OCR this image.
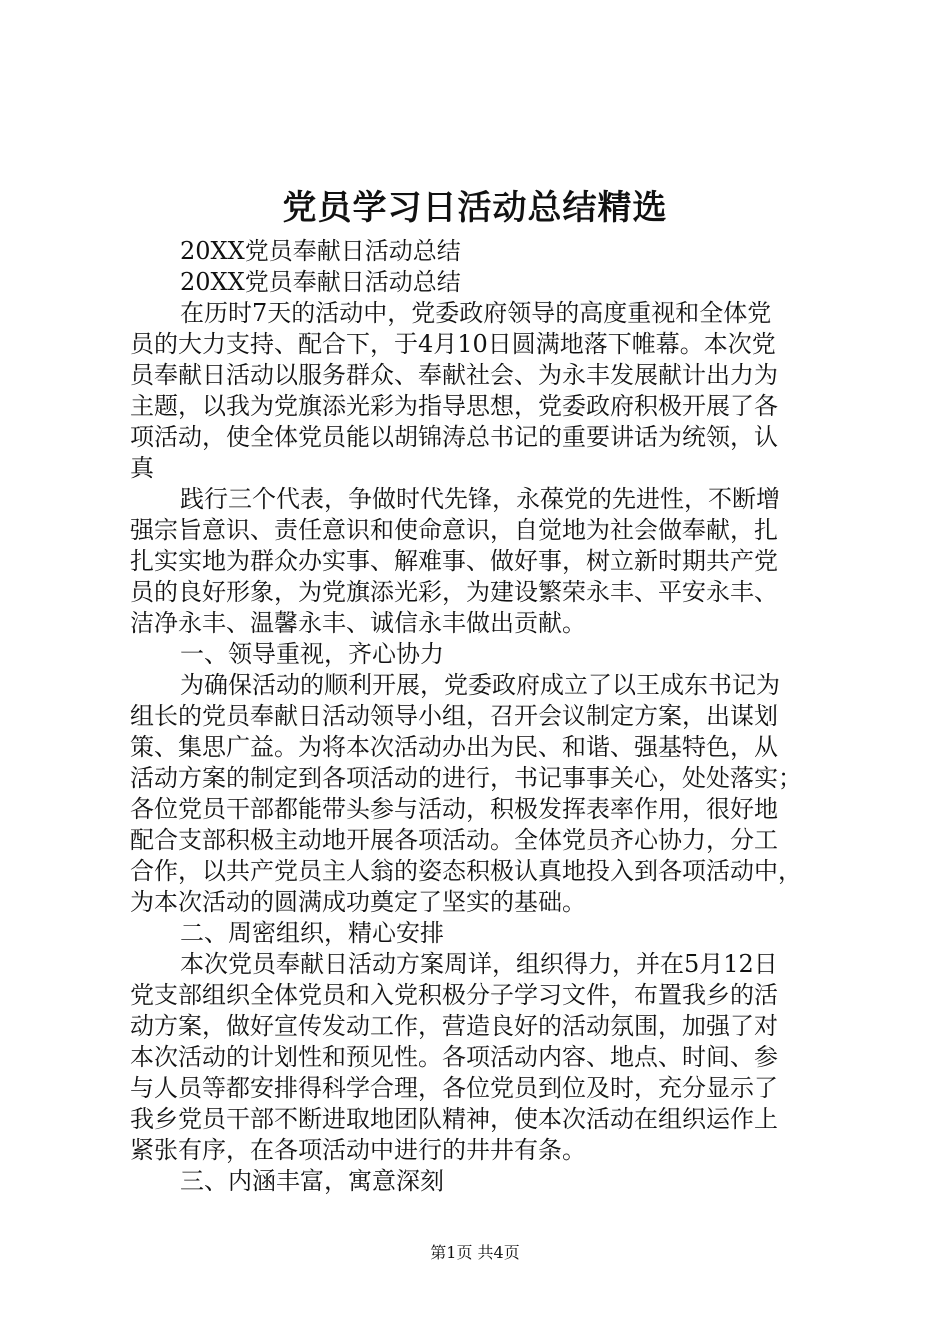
党员学习日活动总结精选
20XX党员奉献日活动总结
20XX党员奉献日活动总结
在历时7天的活动中，党委政府领导的高度重视和全体党
员的大力支持、配合下，于4月10日圆满地落下帷幕。本次党
员奉献日活动以服务群众、奉献社会、为永丰发展献计出力为
主题，以我为党旗添光彩为指导思想，党委政府积极开展了各
项活动，使全体党员能以胡锦涛总书记的重要讲话为统领，认
真
践行三个代表，争做时代先锋，永葆党的先进性，不断增
强宗旨意识、责任意识和使命意识，自觉地为社会做奉献，扎
扎实实地为群众办实事、解难事、做好事，树立新时期共产党
员的良好形象，为党旗添光彩，为建设繁荣永丰、平安永丰、
洁净永丰、温馨永丰、诚信永丰做出贡献。
一、领导重视，齐心协力
为确保活动的顺利开展，党委政府成立了以王成东书记为
组长的党员奉献日活动领导小组，召开会议制定方案，出谋划
策、集思广益。为将本次活动办出为民、和谐、强基特色，从
活动方案的制定到各项活动的进行，书记事事关心，处处落实；
各位党员干部都能带头参与活动，积极发挥表率作用，很好地
配合支部积极主动地开展各项活动。全体党员齐心协力，分工
合作，以共产党员主人翁的姿态积极认真地投入到各项活动中，
为本次活动的圆满成功奠定了坚实的基础。
二、周密组织，精心安排
本次党员奉献日活动方案周详，组织得力，并在5月12日
党支部组织全体党员和入党积极分子学习文件，布置我乡的活
动方案，做好宣传发动工作，营造良好的活动氛围，加强了对
本次活动的计划性和预见性。各项活动内容、地点、时间、参
与人员等都安排得科学合理，各位党员到位及时，充分显示了
我乡党员干部不断进取地团队精神，使本次活动在组织运作上
紧张有序，在各项活动中进行的井井有条。
三、内涵丰富，寓意深刻
第1页 共4页
